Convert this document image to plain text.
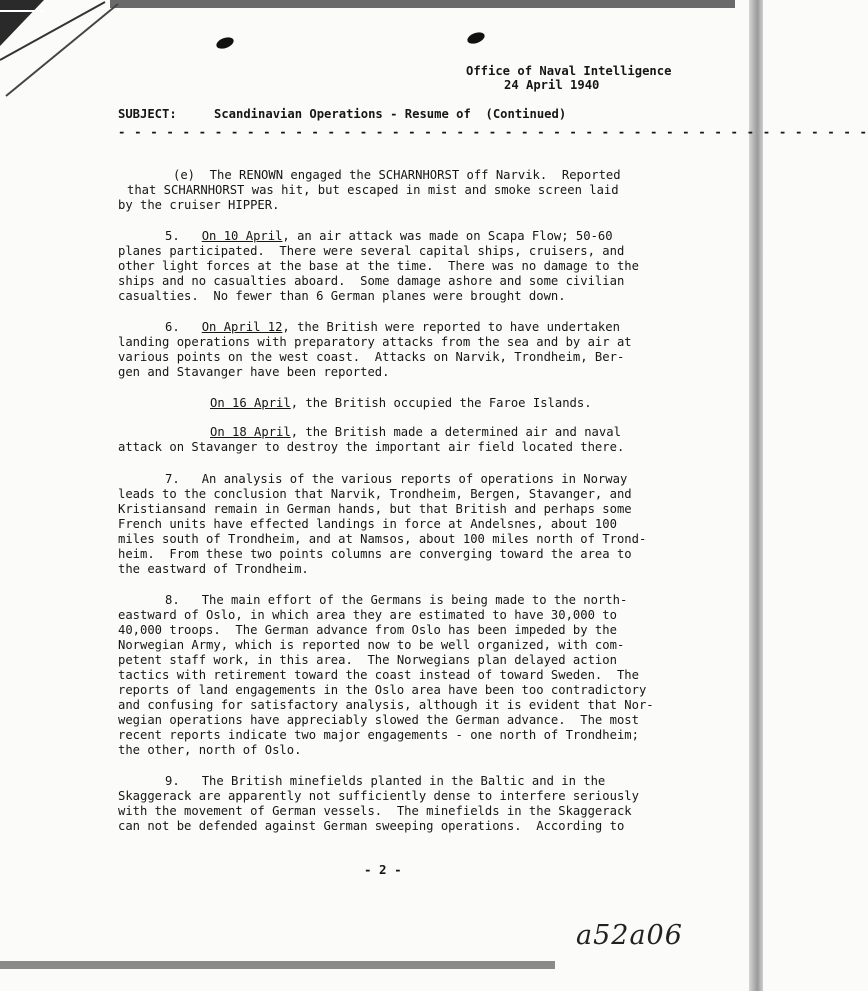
Office of Naval Intelligence
24 April 1940
SUBJECT:	Scandinavian Operations - Resume of  (Continued)
- - - - - - - - - - - - - - - - - - - - - - - - - - - - - - - - - - - - - - - - - - - - - - -
(e)  The RENOWN engaged the SCHARNHORST off Narvik.  Reported
that SCHARNHORST was hit, but escaped in mist and smoke screen laid
by the cruiser HIPPER.
5. On 10 April, an air attack was made on Scapa Flow; 50-60
planes participated.  There were several capital ships, cruisers, and
other light forces at the base at the time.  There was no damage to the
ships and no casualties aboard.  Some damage ashore and some civilian
casualties.  No fewer than 6 German planes were brought down.
6. On April 12, the British were reported to have undertaken
landing operations with preparatory attacks from the sea and by air at
various points on the west coast.  Attacks on Narvik, Trondheim, Ber-
gen and Stavanger have been reported.
On 16 April, the British occupied the Faroe Islands.
On 18 April, the British made a determined air and naval
attack on Stavanger to destroy the important air field located there.
7. An analysis of the various reports of operations in Norway
leads to the conclusion that Narvik, Trondheim, Bergen, Stavanger, and
Kristiansand remain in German hands, but that British and perhaps some
French units have effected landings in force at Andelsnes, about 100
miles south of Trondheim, and at Namsos, about 100 miles north of Trond-
heim.  From these two points columns are converging toward the area to
the eastward of Trondheim.
8. The main effort of the Germans is being made to the north-
eastward of Oslo, in which area they are estimated to have 30,000 to
40,000 troops.  The German advance from Oslo has been impeded by the
Norwegian Army, which is reported now to be well organized, with com-
petent staff work, in this area.  The Norwegians plan delayed action
tactics with retirement toward the coast instead of toward Sweden.  The
reports of land engagements in the Oslo area have been too contradictory
and confusing for satisfactory analysis, although it is evident that Nor-
wegian operations have appreciably slowed the German advance.  The most
recent reports indicate two major engagements - one north of Trondheim;
the other, north of Oslo.
9. The British minefields planted in the Baltic and in the
Skaggerack are apparently not sufficiently dense to interfere seriously
with the movement of German vessels.  The minefields in the Skaggerack
can not be defended against German sweeping operations.  According to
- 2 -
a52a06
